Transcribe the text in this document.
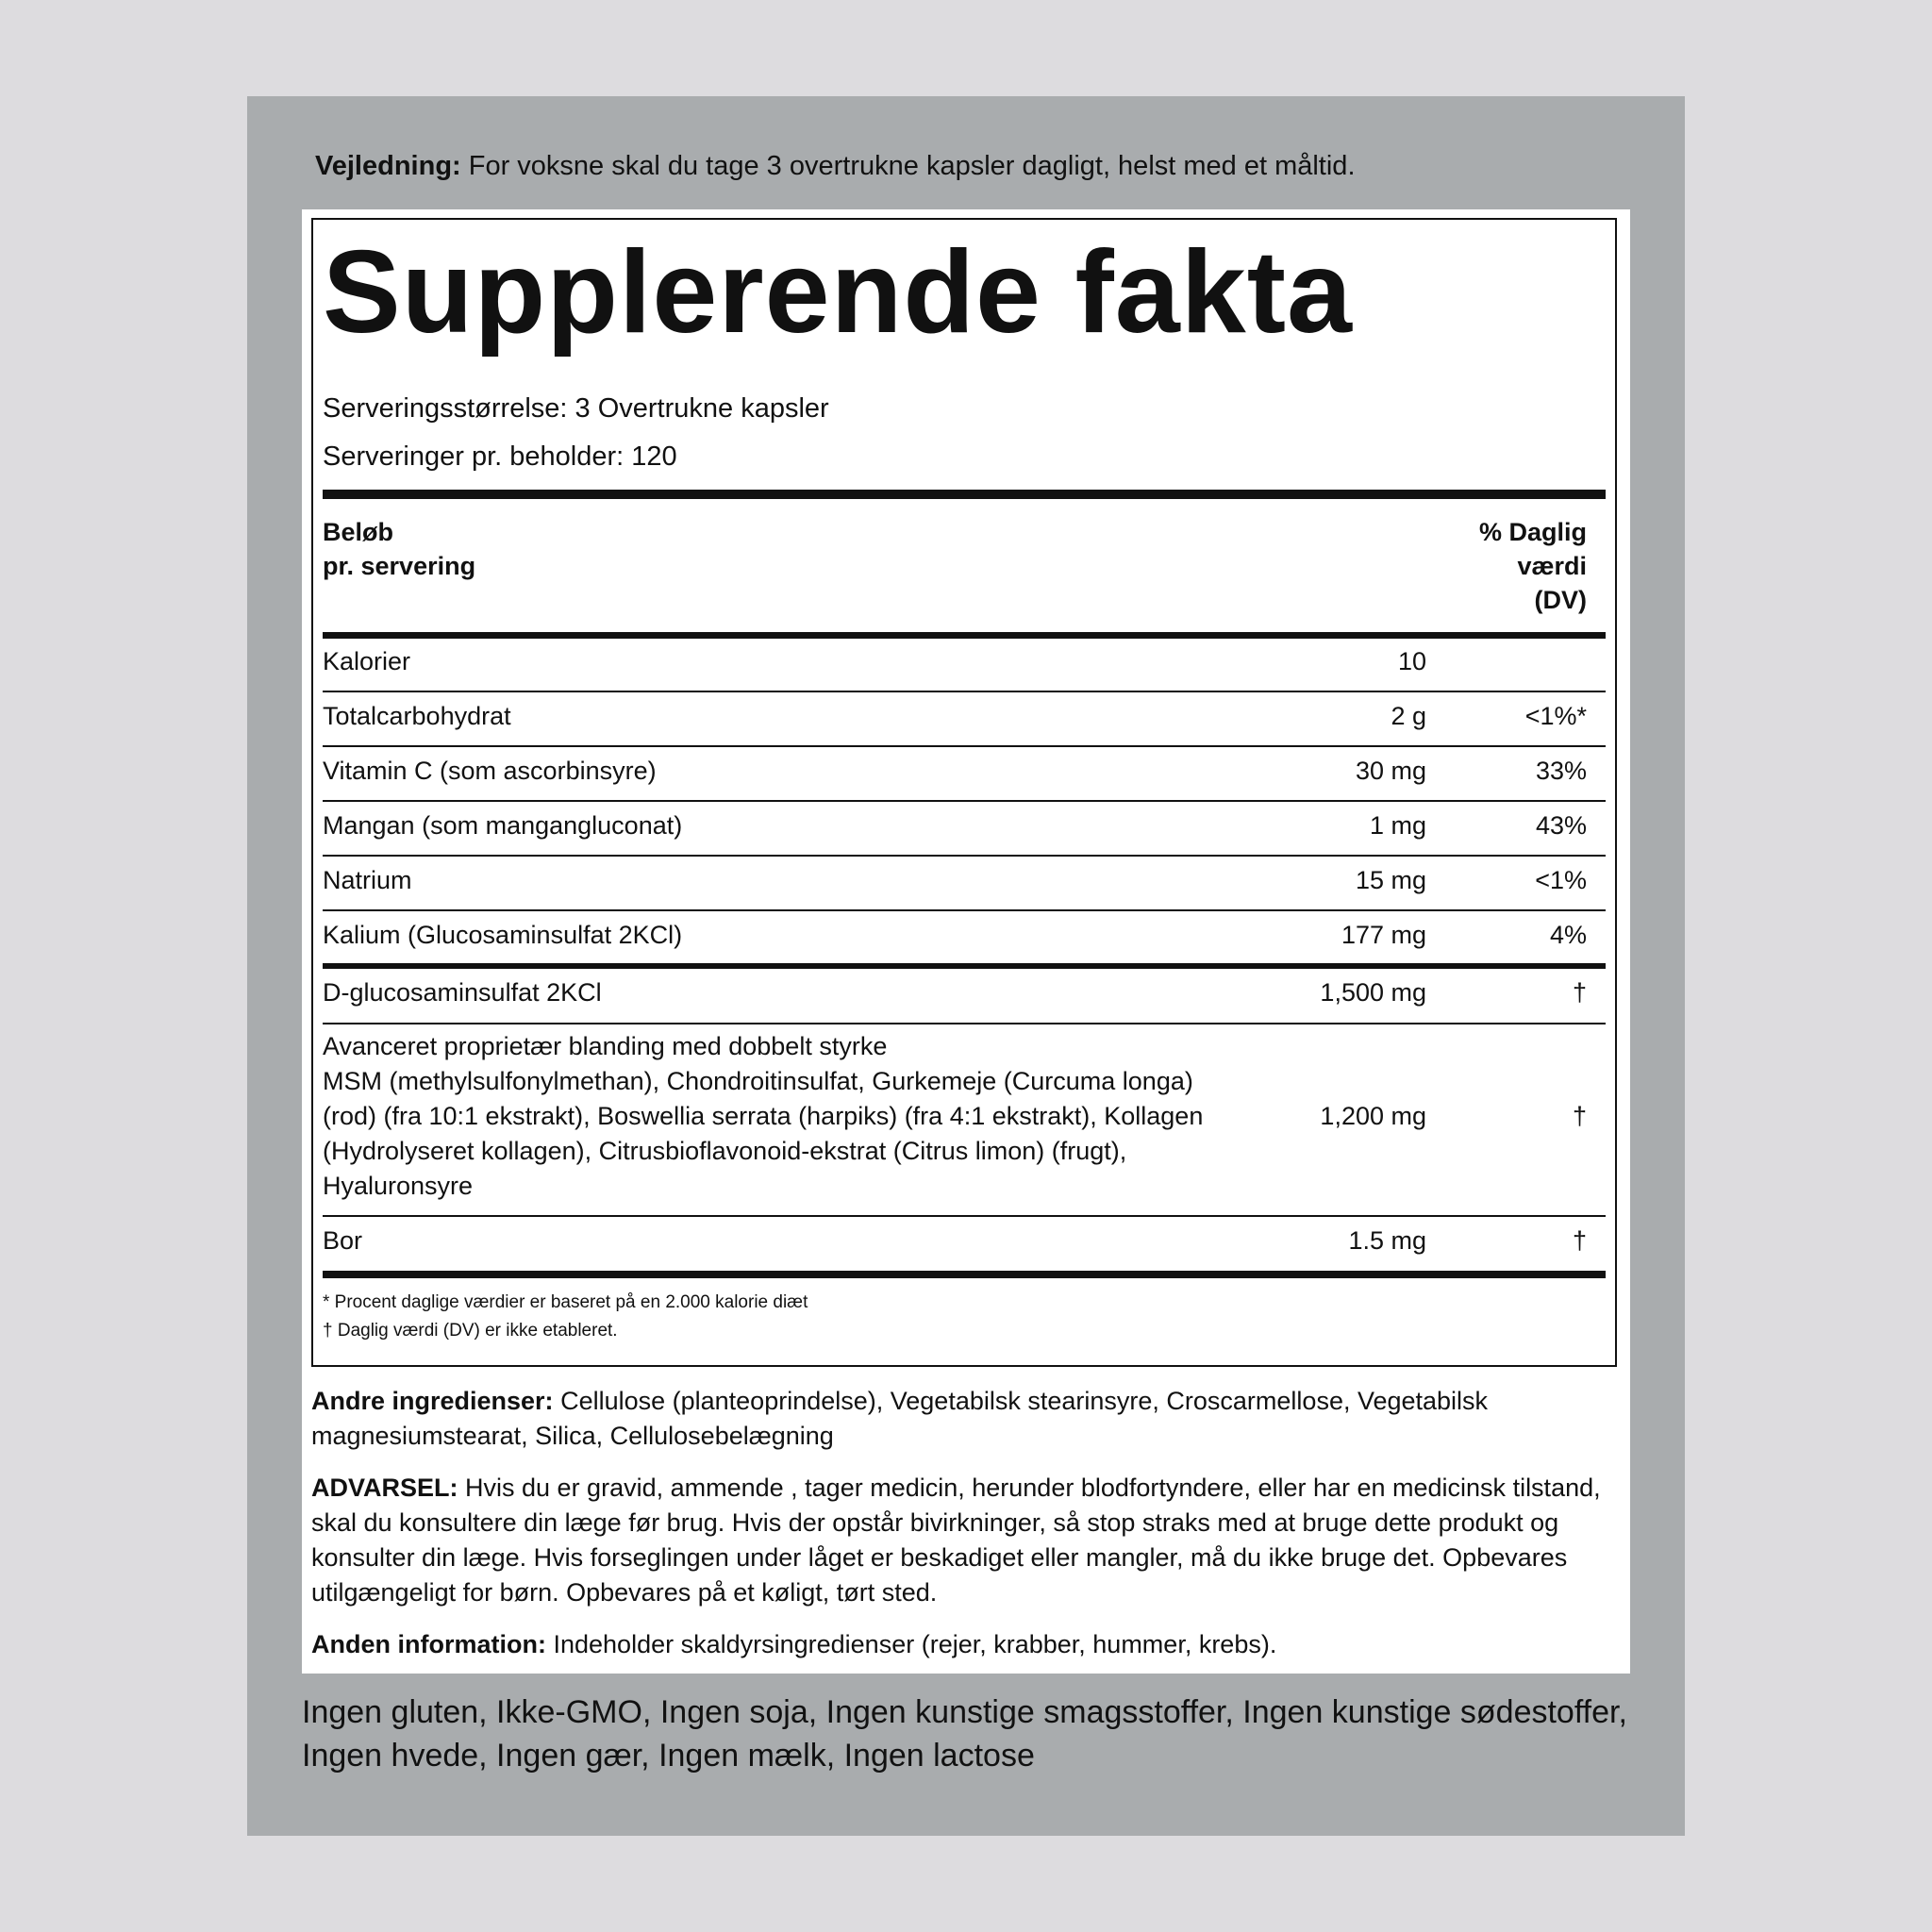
Vejledning: For voksne skal du tage 3 overtrukne kapsler dagligt, helst med et måltid.
Supplerende fakta
Serveringsstørrelse: 3 Overtrukne kapsler
Serveringer pr. beholder: 120
Beløb
pr. servering
% Daglig
værdi
(DV)
Kalorier	10
Totalcarbohydrat	2 g	<1%*
Vitamin C (som ascorbinsyre)	30 mg	33%
Mangan (som mangangluconat)	1 mg	43%
Natrium	15 mg	<1%
Kalium (Glucosaminsulfat 2KCl)	177 mg	4%
D-glucosaminsulfat 2KCl	1,500 mg	†
Avanceret proprietær blanding med dobbelt styrke
MSM (methylsulfonylmethan), Chondroitinsulfat, Gurkemeje (Curcuma longa)
(rod) (fra 10:1 ekstrakt), Boswellia serrata (harpiks) (fra 4:1 ekstrakt), Kollagen
(Hydrolyseret kollagen), Citrusbioflavonoid-ekstrat (Citrus limon) (frugt),
Hyaluronsyre
1,200 mg	†
Bor	1.5 mg	†
* Procent daglige værdier er baseret på en 2.000 kalorie diæt
† Daglig værdi (DV) er ikke etableret.
Andre ingredienser: Cellulose (planteoprindelse), Vegetabilsk stearinsyre, Croscarmellose, Vegetabilsk magnesiumstearat, Silica, Cellulosebelægning
ADVARSEL: Hvis du er gravid, ammende , tager medicin, herunder blodfortyndere, eller har en medicinsk tilstand, skal du konsultere din læge før brug. Hvis der opstår bivirkninger, så stop straks med at bruge dette produkt og konsulter din læge. Hvis forseglingen under låget er beskadiget eller mangler, må du ikke bruge det. Opbevares utilgængeligt for børn. Opbevares på et køligt, tørt sted.
Anden information: Indeholder skaldyrsingredienser (rejer, krabber, hummer, krebs).
Ingen gluten, Ikke-GMO, Ingen soja, Ingen kunstige smagsstoffer, Ingen kunstige sødestoffer, Ingen hvede, Ingen gær, Ingen mælk, Ingen lactose
